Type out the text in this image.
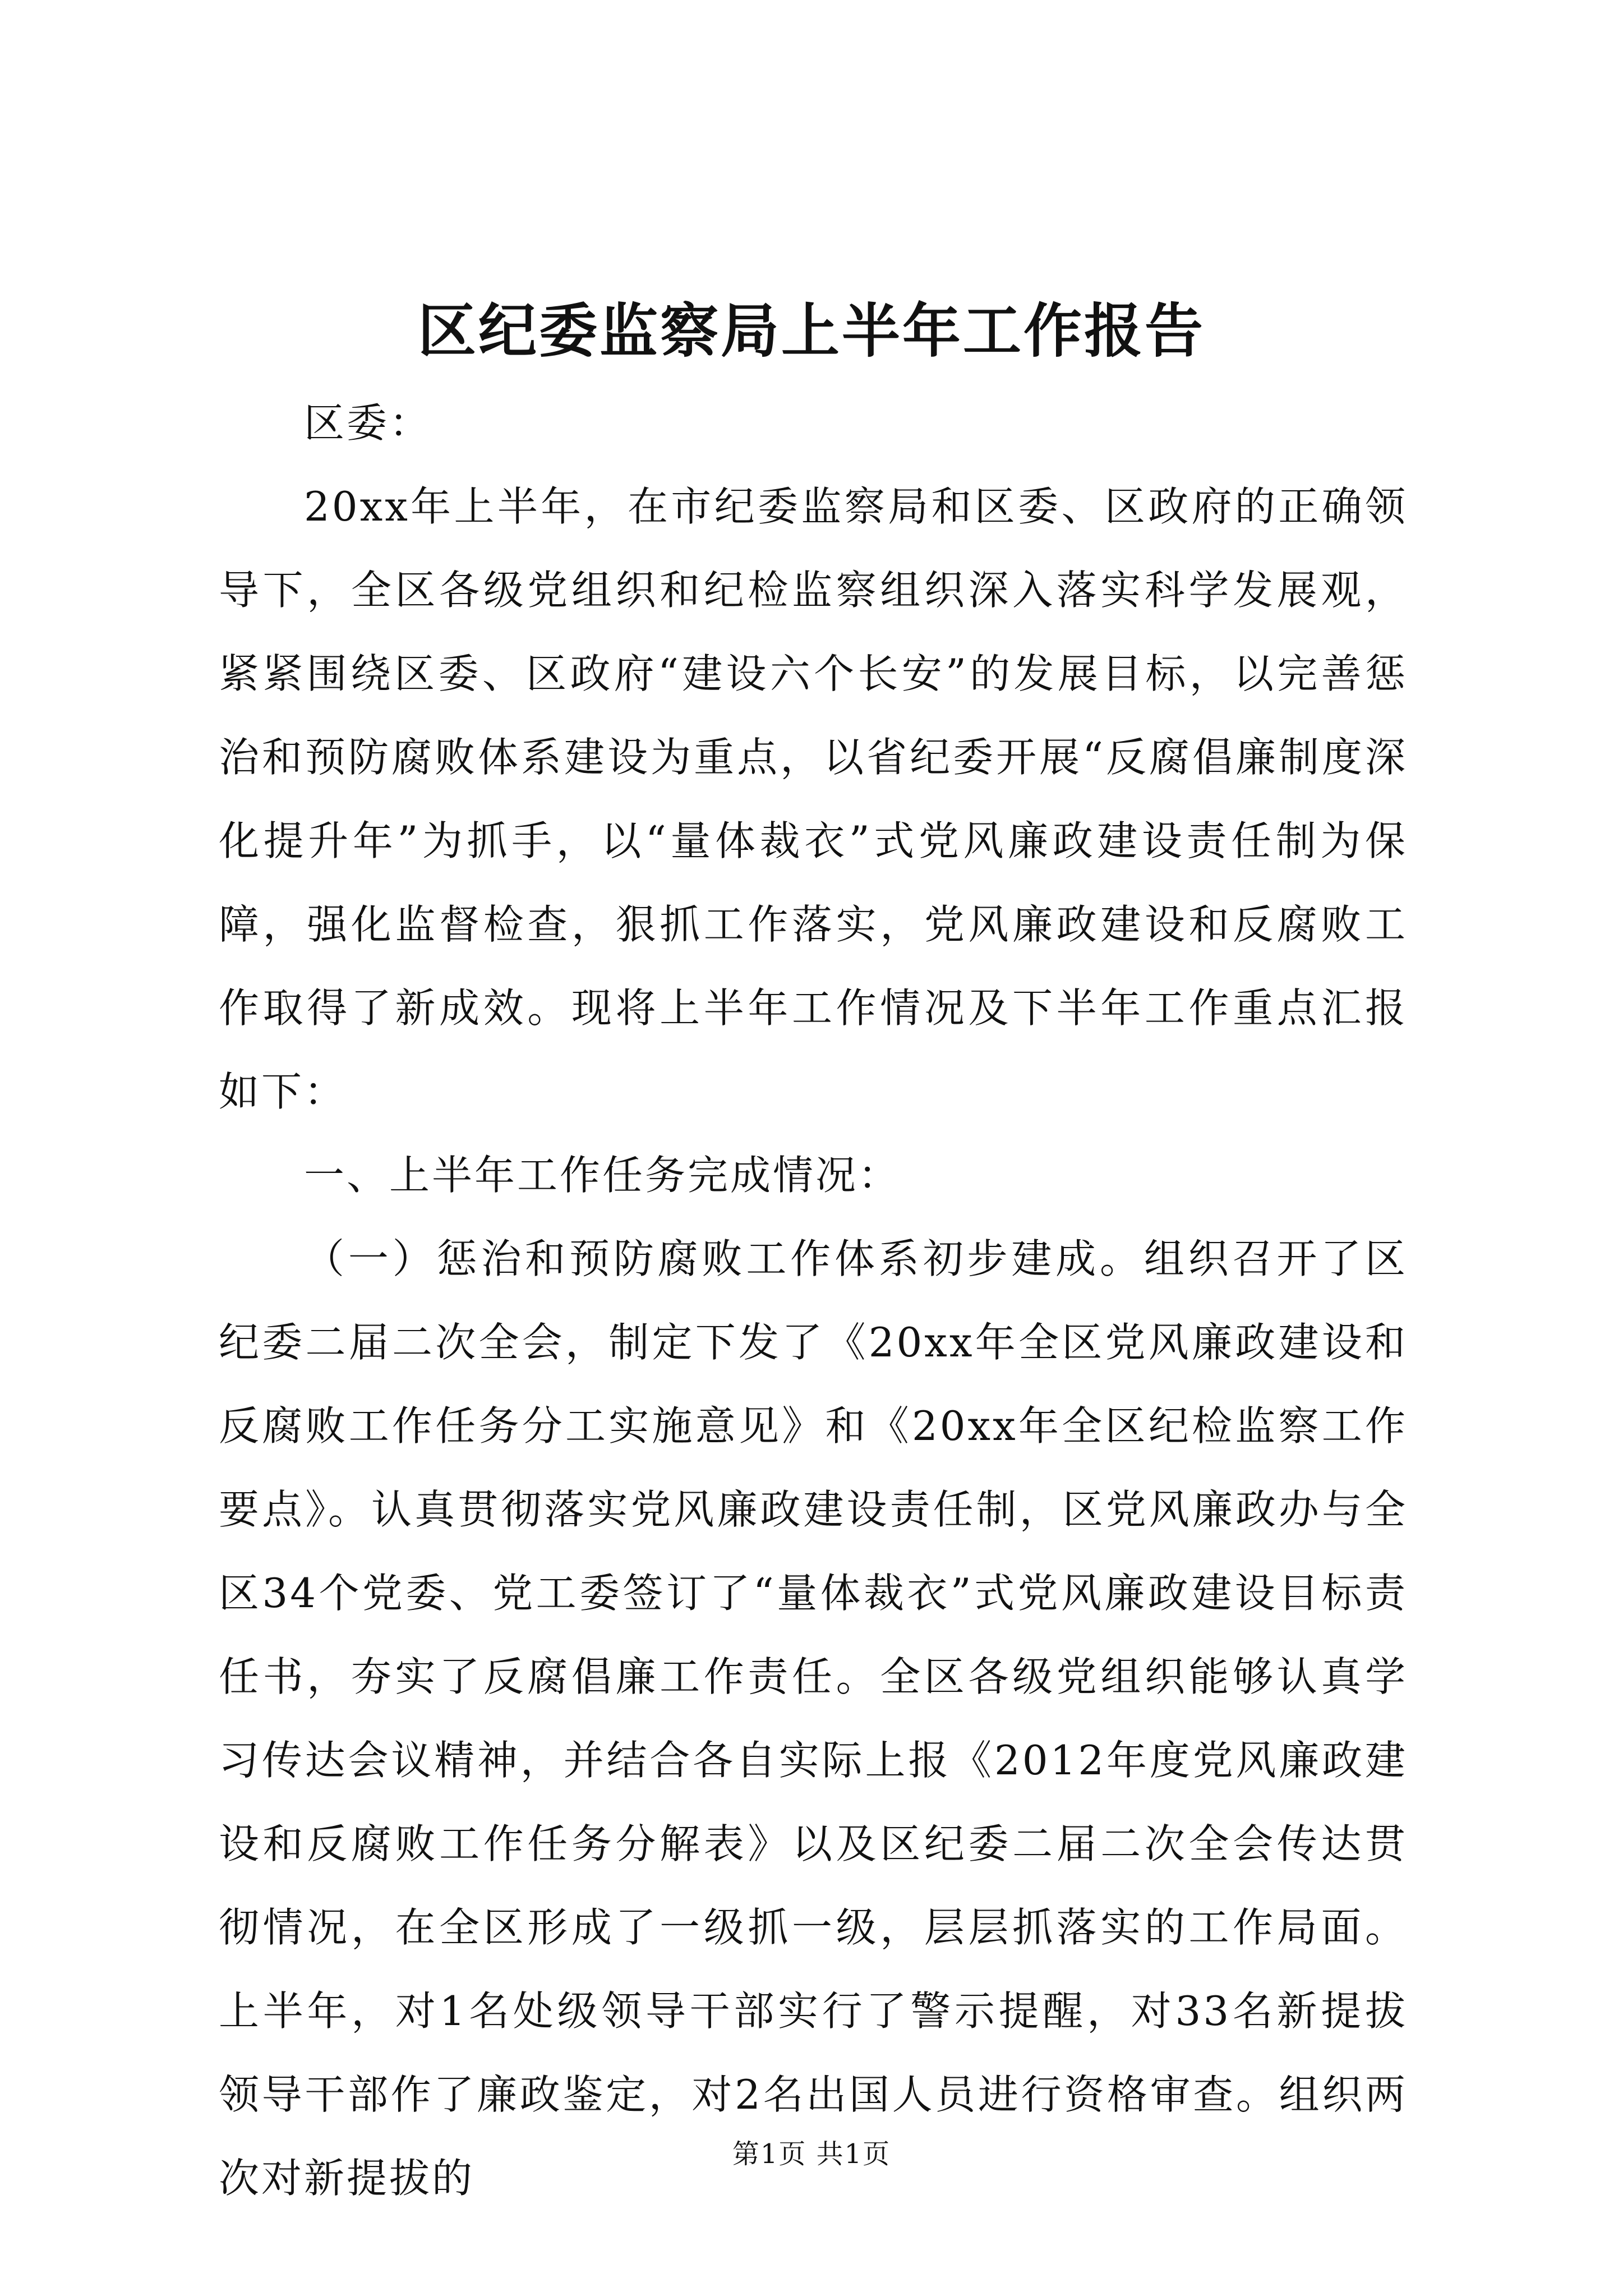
区纪委监察局上半年工作报告

区委：

20xx年上半年，在市纪委监察局和区委、区政府的正确领导下，全区各级党组织和纪检监察组织深入落实科学发展观，紧紧围绕区委、区政府“建设六个长安”的发展目标，以完善惩治和预防腐败体系建设为重点，以省纪委开展“反腐倡廉制度深化提升年”为抓手，以“量体裁衣”式党风廉政建设责任制为保障，强化监督检查，狠抓工作落实，党风廉政建设和反腐败工作取得了新成效。现将上半年工作情况及下半年工作重点汇报如下：

一、上半年工作任务完成情况：

（一）惩治和预防腐败工作体系初步建成。组织召开了区纪委二届二次全会，制定下发了《20xx年全区党风廉政建设和反腐败工作任务分工实施意见》和《20xx年全区纪检监察工作要点》。认真贯彻落实党风廉政建设责任制，区党风廉政办与全区34个党委、党工委签订了“量体裁衣”式党风廉政建设目标责任书，夯实了反腐倡廉工作责任。全区各级党组织能够认真学习传达会议精神，并结合各自实际上报《2012年度党风廉政建设和反腐败工作任务分解表》以及区纪委二届二次全会传达贯彻情况，在全区形成了一级抓一级，层层抓落实的工作局面。上半年，对1名处级领导干部实行了警示提醒，对33名新提拔领导干部作了廉政鉴定，对2名出国人员进行资格审查。组织两次对新提拔的

第1页 共1页
